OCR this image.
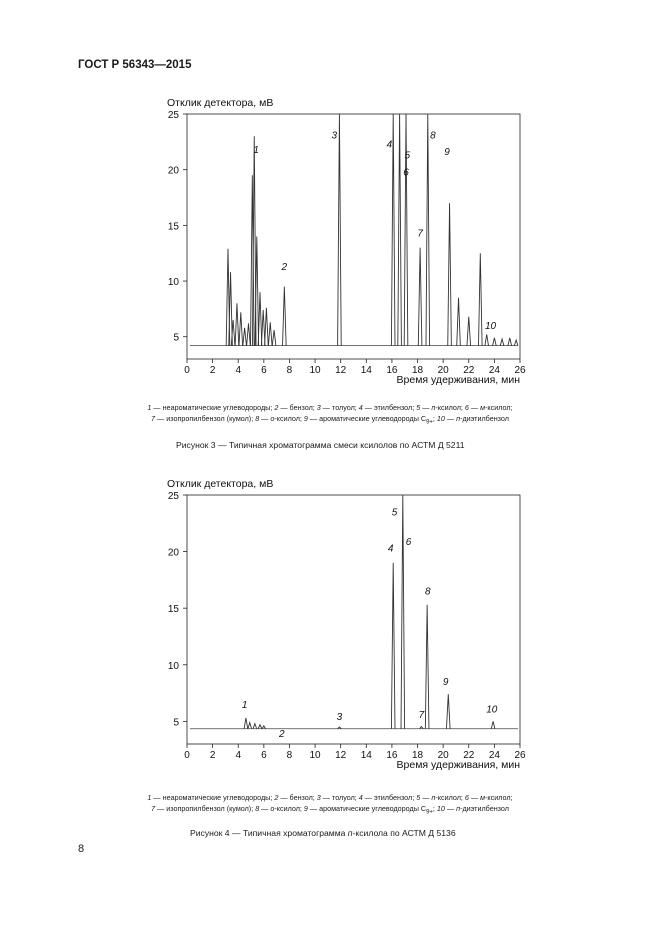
ГОСТ Р 56343—2015
Отклик детектора, мВ
Время удерживания, мин
0 2 4 6 8 10 12 14 16 18 20 22 24 26
5
10
15
20
25
1
2
3
4
5
6
7
8
9
10
1 — неароматические углеводороды; 2 — бензол; 3 — толуол; 4 — этилбензол; 5 — п-ксилол; 6 — м-ксилол;
7 — изопропилбензол (кумол); 8 — о-ксилол; 9 — ароматические углеводороды $C_{9+}$; 10 — п-диэтилбензол
Рисунок 3 — Типичная хроматограмма смеси ксилолов по АСТМ Д 5211
Отклик детектора, мВ
Время удерживания, мин
0 2 4 6 8 10 12 14 16 18 20 22 24 26
5
10
15
20
25
1
2
3
4
5
6
7
8
9
10
1 — неароматические углеводороды; 2 — бензол; 3 — толуол; 4 — этилбензол; 5 — п-ксилол; 6 — м-ксилол;
7 — изопропилбензол (кумол); 8 — о-ксилол; 9 — ароматические углеводороды $C_{9+}$; 10 — п-диэтилбензол
Рисунок 4 — Типичная хроматограмма п-ксилола по АСТМ Д 5136
8
